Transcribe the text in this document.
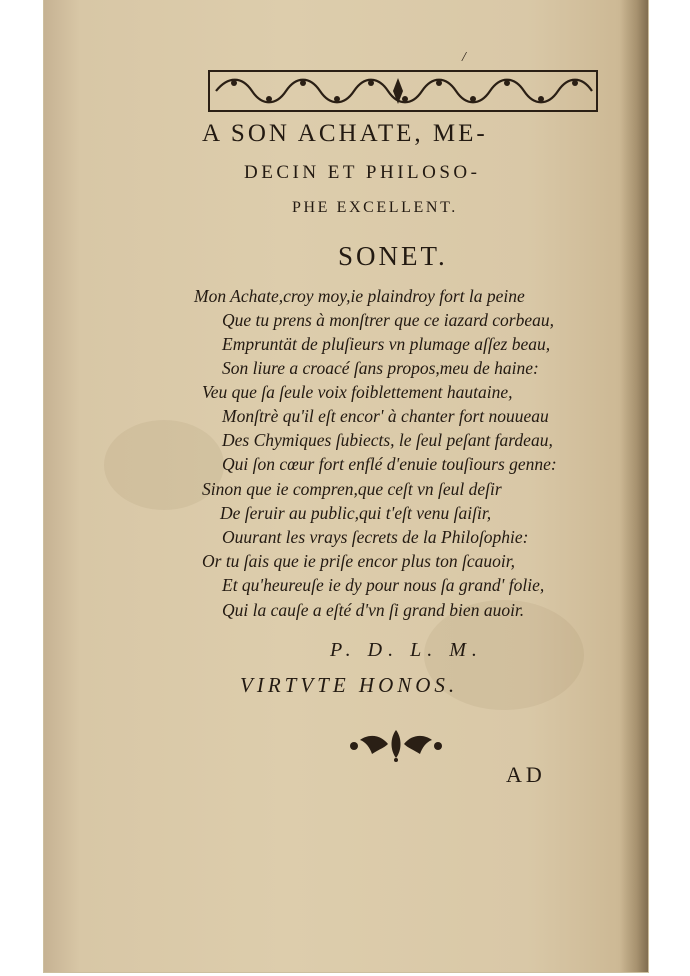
/
A SON ACHATE, ME-
DECIN ET PHILOSO-
PHE EXCELLENT.
SONET.
Mon Achate,croy moy,ie plaindroy fort la peine
Que tu prens à monſtrer que ce iazard corbeau,
Empruntät de pluſieurs vn plumage aſſez beau,
Son liure a croacé ſans propos,meu de haine:
Veu que ſa ſeule voix foiblettement hautaine,
Monſtrè qu'il eſt encor' à chanter fort nouueau
Des Chymiques ſubiects, le ſeul peſant fardeau,
Qui ſon cœur fort enflé d'enuie touſiours genne:
Sinon que ie compren,que ceſt vn ſeul deſir
De ſeruir au public,qui t'eſt venu ſaiſir,
Ouurant les vrays ſecrets de la Philoſophie:
Or tu ſais que ie priſe encor plus ton ſcauoir,
Et qu'heureuſe ie dy pour nous ſa grand' folie,
Qui la cauſe a eſté d'vn ſi grand bien auoir.
P. D. L. M.
VIRTVTE HONOS.
AD
